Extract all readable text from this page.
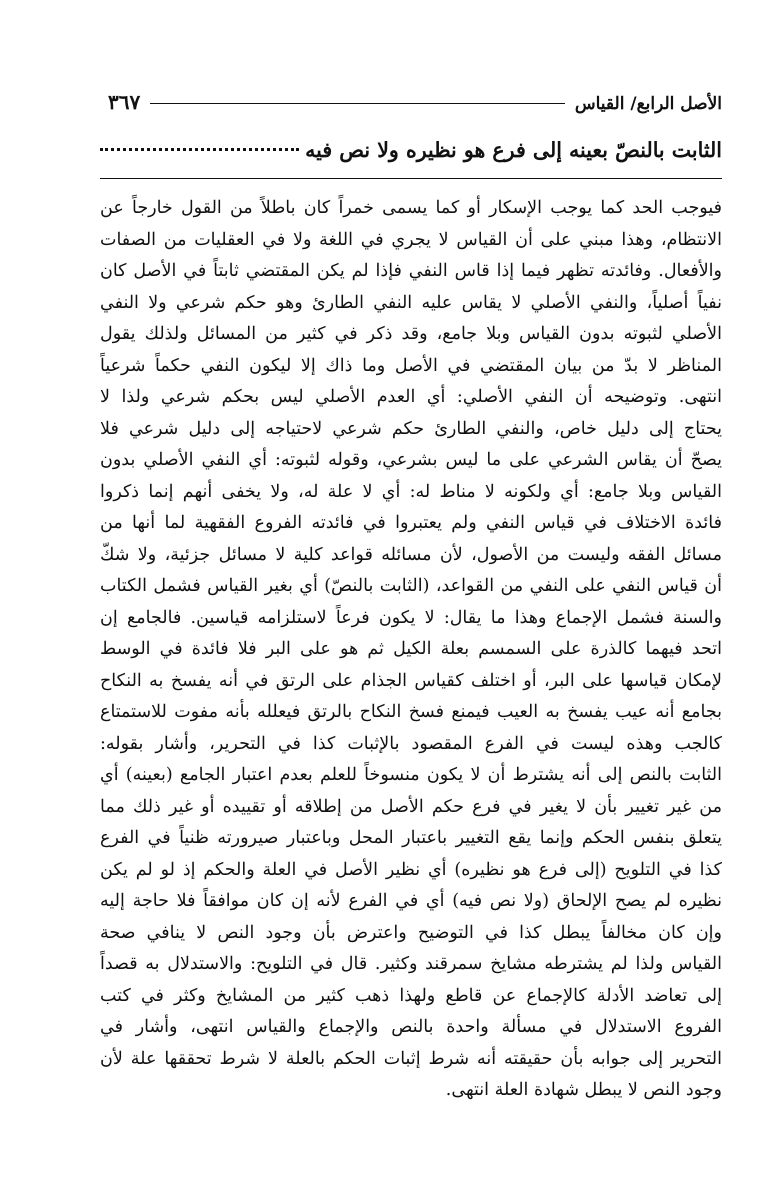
الأصل الرابع/ القياس
٣٦٧
الثابت بالنصّ بعينه إلى فرع هو نظيره ولا نص فيه
فيوجب الحد كما يوجب الإسكار أو كما يسمى خمراً كان باطلاً من القول خارجاً عن
الانتظام، وهذا مبني على أن القياس لا يجري في اللغة ولا في العقليات من الصفات
والأفعال. وفائدته تظهر فيما إذا قاس النفي فإذا لم يكن المقتضي ثابتاً في الأصل كان
نفياً أصلياً، والنفي الأصلي لا يقاس عليه النفي الطارئ وهو حكم شرعي ولا النفي
الأصلي لثبوته بدون القياس وبلا جامع، وقد ذكر في كثير من المسائل ولذلك يقول
المناظر لا بدّ من بيان المقتضي في الأصل وما ذاك إلا ليكون النفي حكماً شرعياً
انتهى. وتوضيحه أن النفي الأصلي: أي العدم الأصلي ليس بحكم شرعي ولذا لا
يحتاج إلى دليل خاص، والنفي الطارئ حكم شرعي لاحتياجه إلى دليل شرعي فلا
يصحّ أن يقاس الشرعي على ما ليس بشرعي، وقوله لثبوته: أي النفي الأصلي بدون
القياس وبلا جامع: أي ولكونه لا مناط له: أي لا علة له، ولا يخفى أنهم إنما ذكروا
فائدة الاختلاف في قياس النفي ولم يعتبروا في فائدته الفروع الفقهية لما أنها من
مسائل الفقه وليست من الأصول، لأن مسائله قواعد كلية لا مسائل جزئية، ولا شكّ
أن قياس النفي على النفي من القواعد، (الثابت بالنصّ) أي بغير القياس فشمل الكتاب
والسنة فشمل الإجماع وهذا ما يقال: لا يكون فرعاً لاستلزامه قياسين. فالجامع إن
اتحد فيهما كالذرة على السمسم بعلة الكيل ثم هو على البر فلا فائدة في الوسط
لإمكان قياسها على البر، أو اختلف كقياس الجذام على الرتق في أنه يفسخ به النكاح
بجامع أنه عيب يفسخ به العيب فيمنع فسخ النكاح بالرتق فيعلله بأنه مفوت للاستمتاع
كالجب وهذه ليست في الفرع المقصود بالإثبات كذا في التحرير، وأشار بقوله:
الثابت بالنص إلى أنه يشترط أن لا يكون منسوخاً للعلم بعدم اعتبار الجامع (بعينه) أي
من غير تغيير بأن لا يغير في فرع حكم الأصل من إطلاقه أو تقييده أو غير ذلك مما
يتعلق بنفس الحكم وإنما يقع التغيير باعتبار المحل وباعتبار صيرورته ظنياً في الفرع
كذا في التلويح (إلى فرع هو نظيره) أي نظير الأصل في العلة والحكم إذ لو لم يكن
نظيره لم يصح الإلحاق (ولا نص فيه) أي في الفرع لأنه إن كان موافقاً فلا حاجة إليه
وإن كان مخالفاً يبطل كذا في التوضيح واعترض بأن وجود النص لا ينافي صحة
القياس ولذا لم يشترطه مشايخ سمرقند وكثير. قال في التلويح: والاستدلال به قصداً
إلى تعاضد الأدلة كالإجماع عن قاطع ولهذا ذهب كثير من المشايخ وكثر في كتب
الفروع الاستدلال في مسألة واحدة بالنص والإجماع والقياس انتهى، وأشار في
التحرير إلى جوابه بأن حقيقته أنه شرط إثبات الحكم بالعلة لا شرط تحققها علة لأن
وجود النص لا يبطل شهادة العلة انتهى.
